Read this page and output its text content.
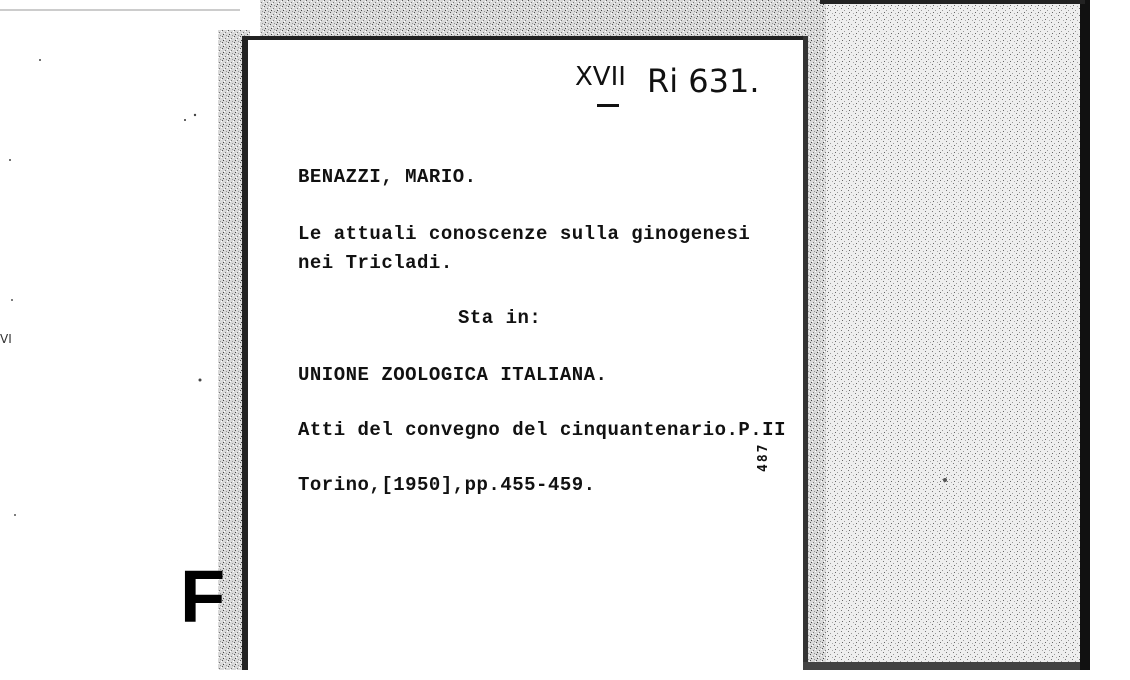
XVII Ri 631.
BENAZZI, MARIO.
Le attuali conoscenze sulla ginogenesi
nei Tricladi.
Sta in:
UNIONE ZOOLOGICA ITALIANA.
Atti del convegno del cinquantenario.P.II
Torino,[1950],pp.455-459.
487
F
VI
